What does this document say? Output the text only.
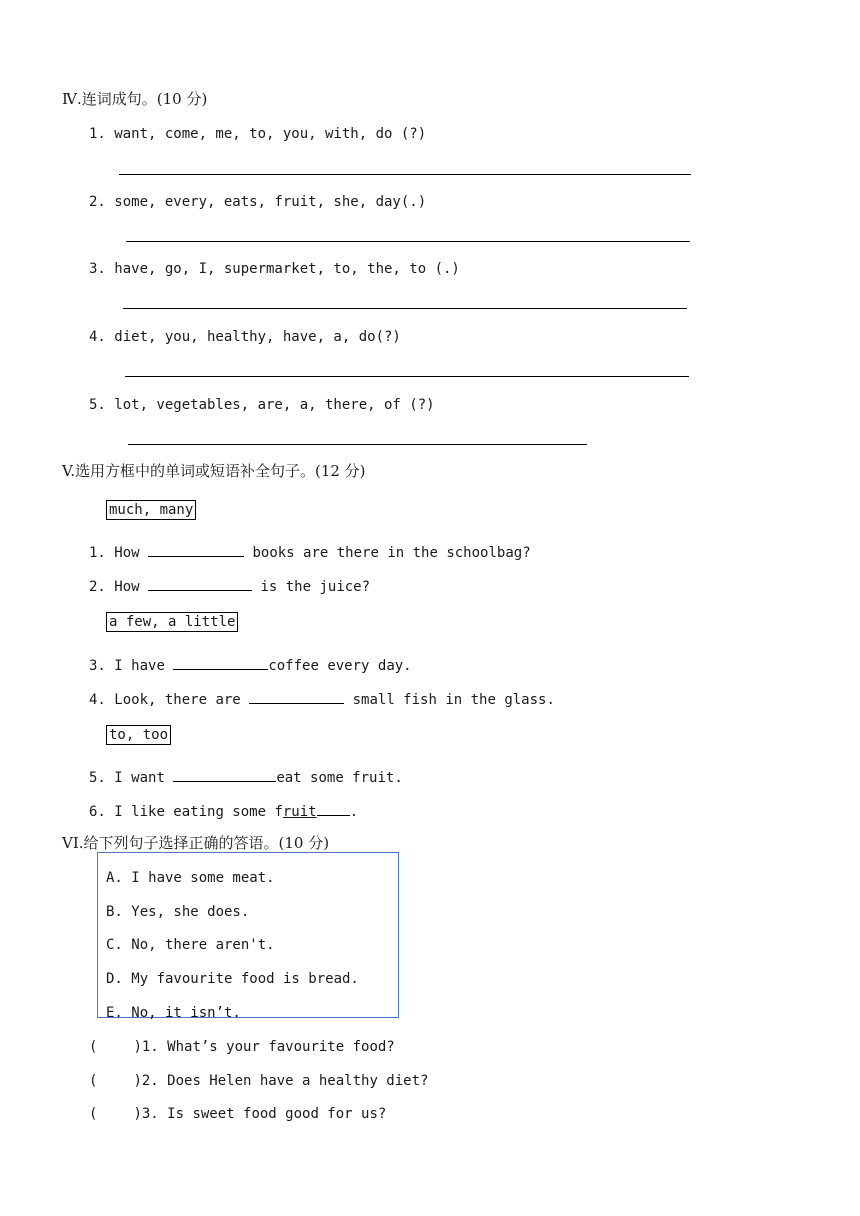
Ⅳ.连词成句。(10 分)
1. want, come, me, to, you, with, do (?)
2. some, every, eats, fruit, she, day(.)
3. have, go, I, supermarket, to, the, to (.)
4. diet, you, healthy, have, a, do(?)
5. lot, vegetables, are, a, there, of (?)
V.选用方框中的单词或短语补全句子。(12 分)
much, many
1. How	books are there in the schoolbag?
2. How	is the juice?
a few, a little
3. I have	coffee every day.
4. Look, there are	small fish in the glass.
to, too
5. I want	eat some fruit.
6. I like eating some fruit .
VI.给下列句子选择正确的答语。(10 分)
A. I have some meat.
B. Yes, she does.
C. No, there aren't.
D. My favourite food is bread.
E. No, it isn’t.
(	)1. What’s your favourite food?
(	)2. Does Helen have a healthy diet?
(	)3. Is sweet food good for us?
